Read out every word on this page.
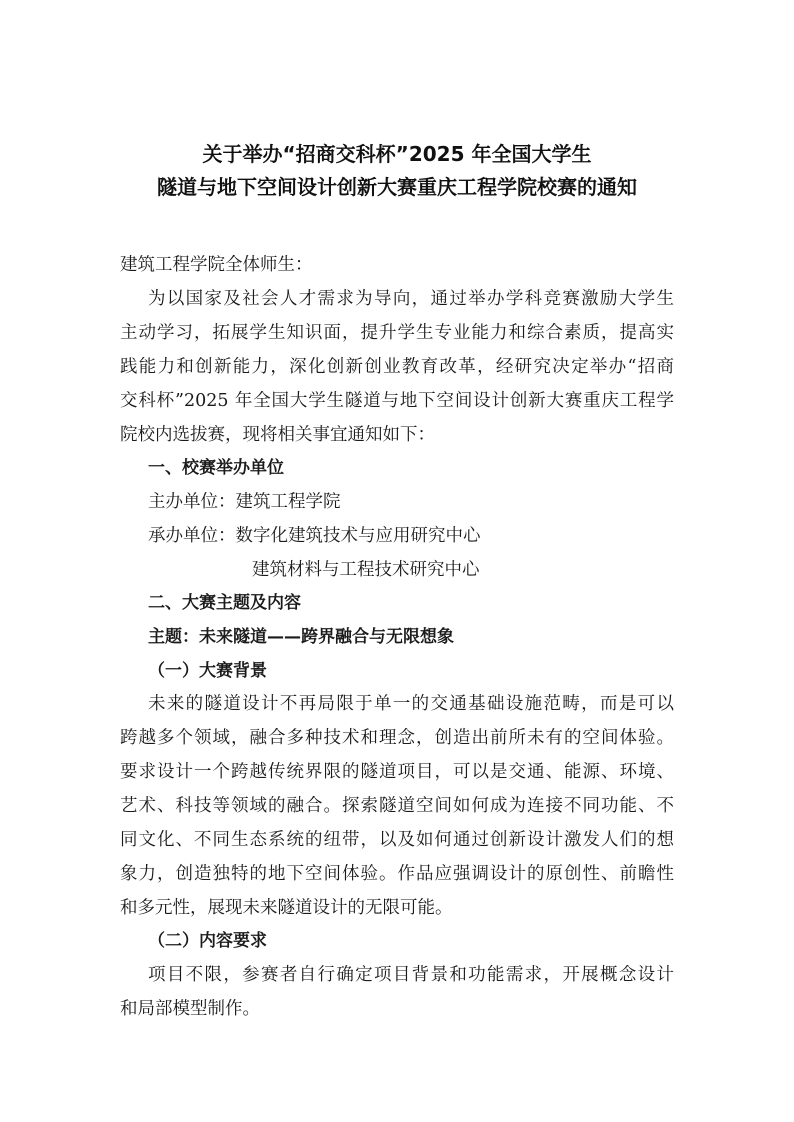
关于举办“招商交科杯”2025 年全国大学生
隧道与地下空间设计创新大赛重庆工程学院校赛的通知
建筑工程学院全体师生：
为以国家及社会人才需求为导向，通过举办学科竞赛激励大学生
主动学习，拓展学生知识面，提升学生专业能力和综合素质，提高实
践能力和创新能力，深化创新创业教育改革，经研究决定举办“招商
交科杯”2025 年全国大学生隧道与地下空间设计创新大赛重庆工程学
院校内选拔赛，现将相关事宜通知如下：
一、校赛举办单位
主办单位：建筑工程学院
承办单位：数字化建筑技术与应用研究中心
建筑材料与工程技术研究中心
二、大赛主题及内容
主题：未来隧道——跨界融合与无限想象
（一）大赛背景
未来的隧道设计不再局限于单一的交通基础设施范畴，而是可以
跨越多个领域，融合多种技术和理念，创造出前所未有的空间体验。
要求设计一个跨越传统界限的隧道项目，可以是交通、能源、环境、
艺术、科技等领域的融合。探索隧道空间如何成为连接不同功能、不
同文化、不同生态系统的纽带，以及如何通过创新设计激发人们的想
象力，创造独特的地下空间体验。作品应强调设计的原创性、前瞻性
和多元性，展现未来隧道设计的无限可能。
（二）内容要求
项目不限，参赛者自行确定项目背景和功能需求，开展概念设计
和局部模型制作。
